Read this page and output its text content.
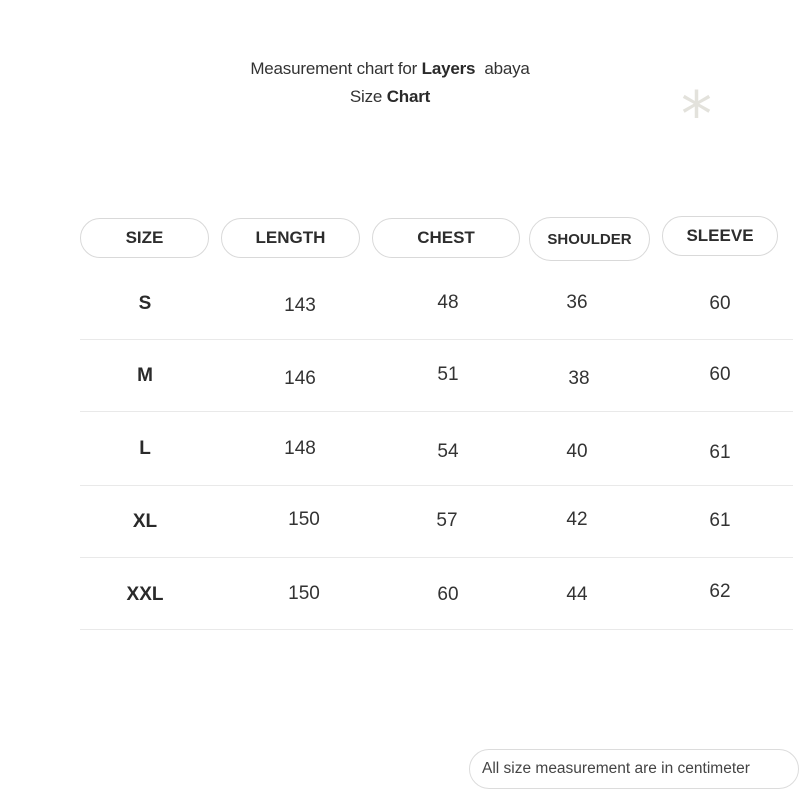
Measurement chart for Layers  abaya
Size Chart	*
SIZE	LENGTH	CHEST	SHOULDER	SLEEVE
S	143	48	36	60
M	146	51	38	60
L	148	54	40	61
XL	150	57	42	61
XXL	150	60	44	62
All size measurement are in centimeter
